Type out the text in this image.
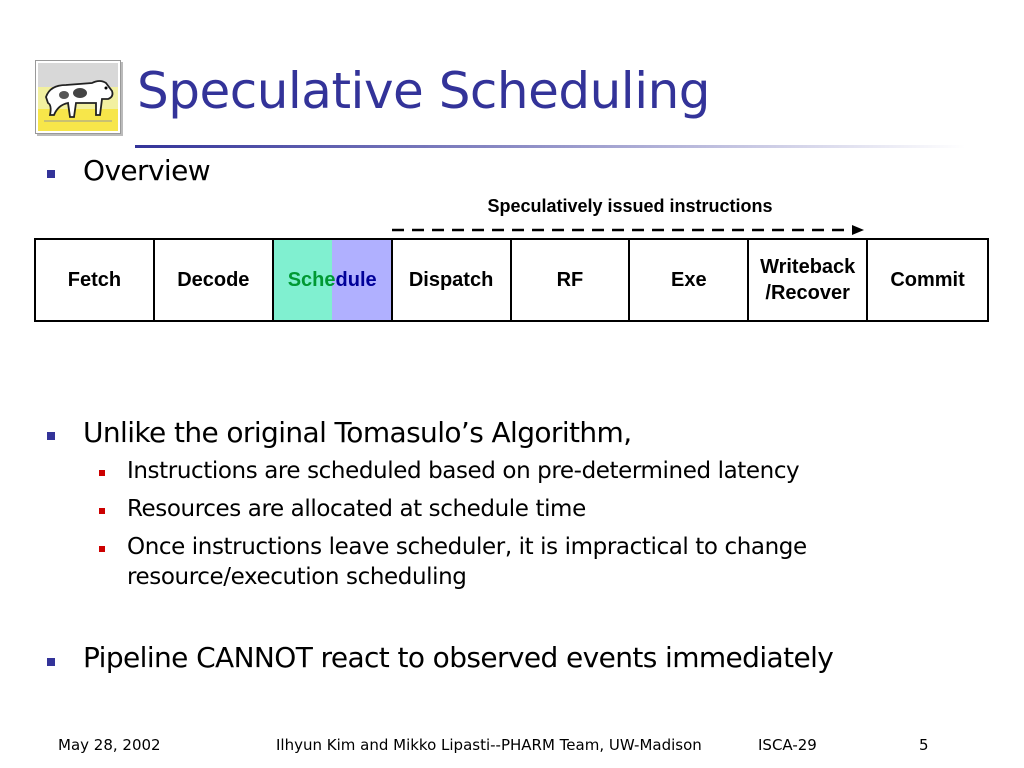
Speculative Scheduling
Overview
Speculatively issued instructions
Fetch	Decode Schedule Dispatch	RF	Exe
Writeback
/Recover
Commit
Unlike the original Tomasulo’s Algorithm,
Instructions are scheduled based on pre-determined latency
Resources are allocated at schedule time
Once instructions leave scheduler, it is impractical to change
resource/execution scheduling
Pipeline CANNOT react to observed events immediately
May 28, 2002	Ilhyun Kim and Mikko Lipasti--PHARM Team, UW-Madison	ISCA-29	5
